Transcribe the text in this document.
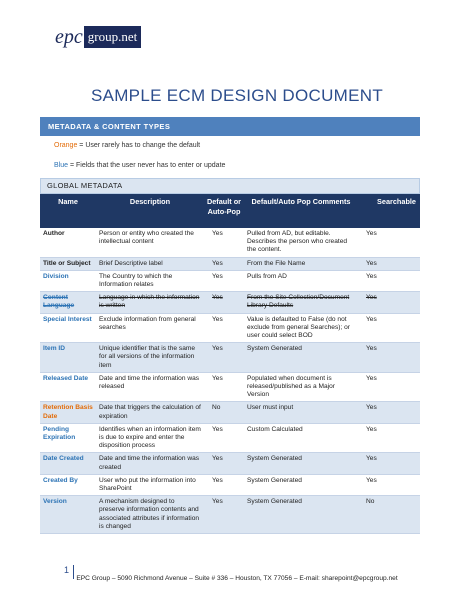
epc group.net
SAMPLE ECM DESIGN DOCUMENT
METADATA & CONTENT TYPES
Orange = User rarely has to change the default
Blue = Fields that the user never has to enter or update
GLOBAL METADATA
Name	Description	Default or Auto-Pop	Default/Auto Pop Comments	Searchable
Author	Person or entity who created the intellectual content	Yes	Pulled from AD, but editable. Describes the person who created the content.	Yes
Title or Subject	Brief Descriptive label	Yes	From the File Name	Yes
Division	The Country to which the Information relates	Yes	Pulls from AD	Yes
Content Language	Language in which the information is written	Yes	From the Site Collection/Document Library Defaults	Yes
Special Interest	Exclude information from general searches	Yes	Value is defaulted to False (do not exclude from general Searches); or user could select BOD	Yes
Item ID	Unique identifier that is the same for all versions of the information item	Yes	System Generated	Yes
Released Date	Date and time the information was released	Yes	Populated when document is released/published as a Major Version	Yes
Retention Basis Date	Date that triggers the calculation of expiration	No	User must input	Yes
Pending Expiration	Identifies when an information item is due to expire and enter the disposition process	Yes	Custom Calculated	Yes
Date Created	Date and time the information was created	Yes	System Generated	Yes
Created By	User who put the information into SharePoint	Yes	System Generated	Yes
Version	A mechanism designed to preserve information contents and associated attributes if information is changed	Yes	System Generated	No
1
EPC Group – 5090 Richmond Avenue – Suite # 336 – Houston, TX 77056 – E-mail: sharepoint@epcgroup.net
